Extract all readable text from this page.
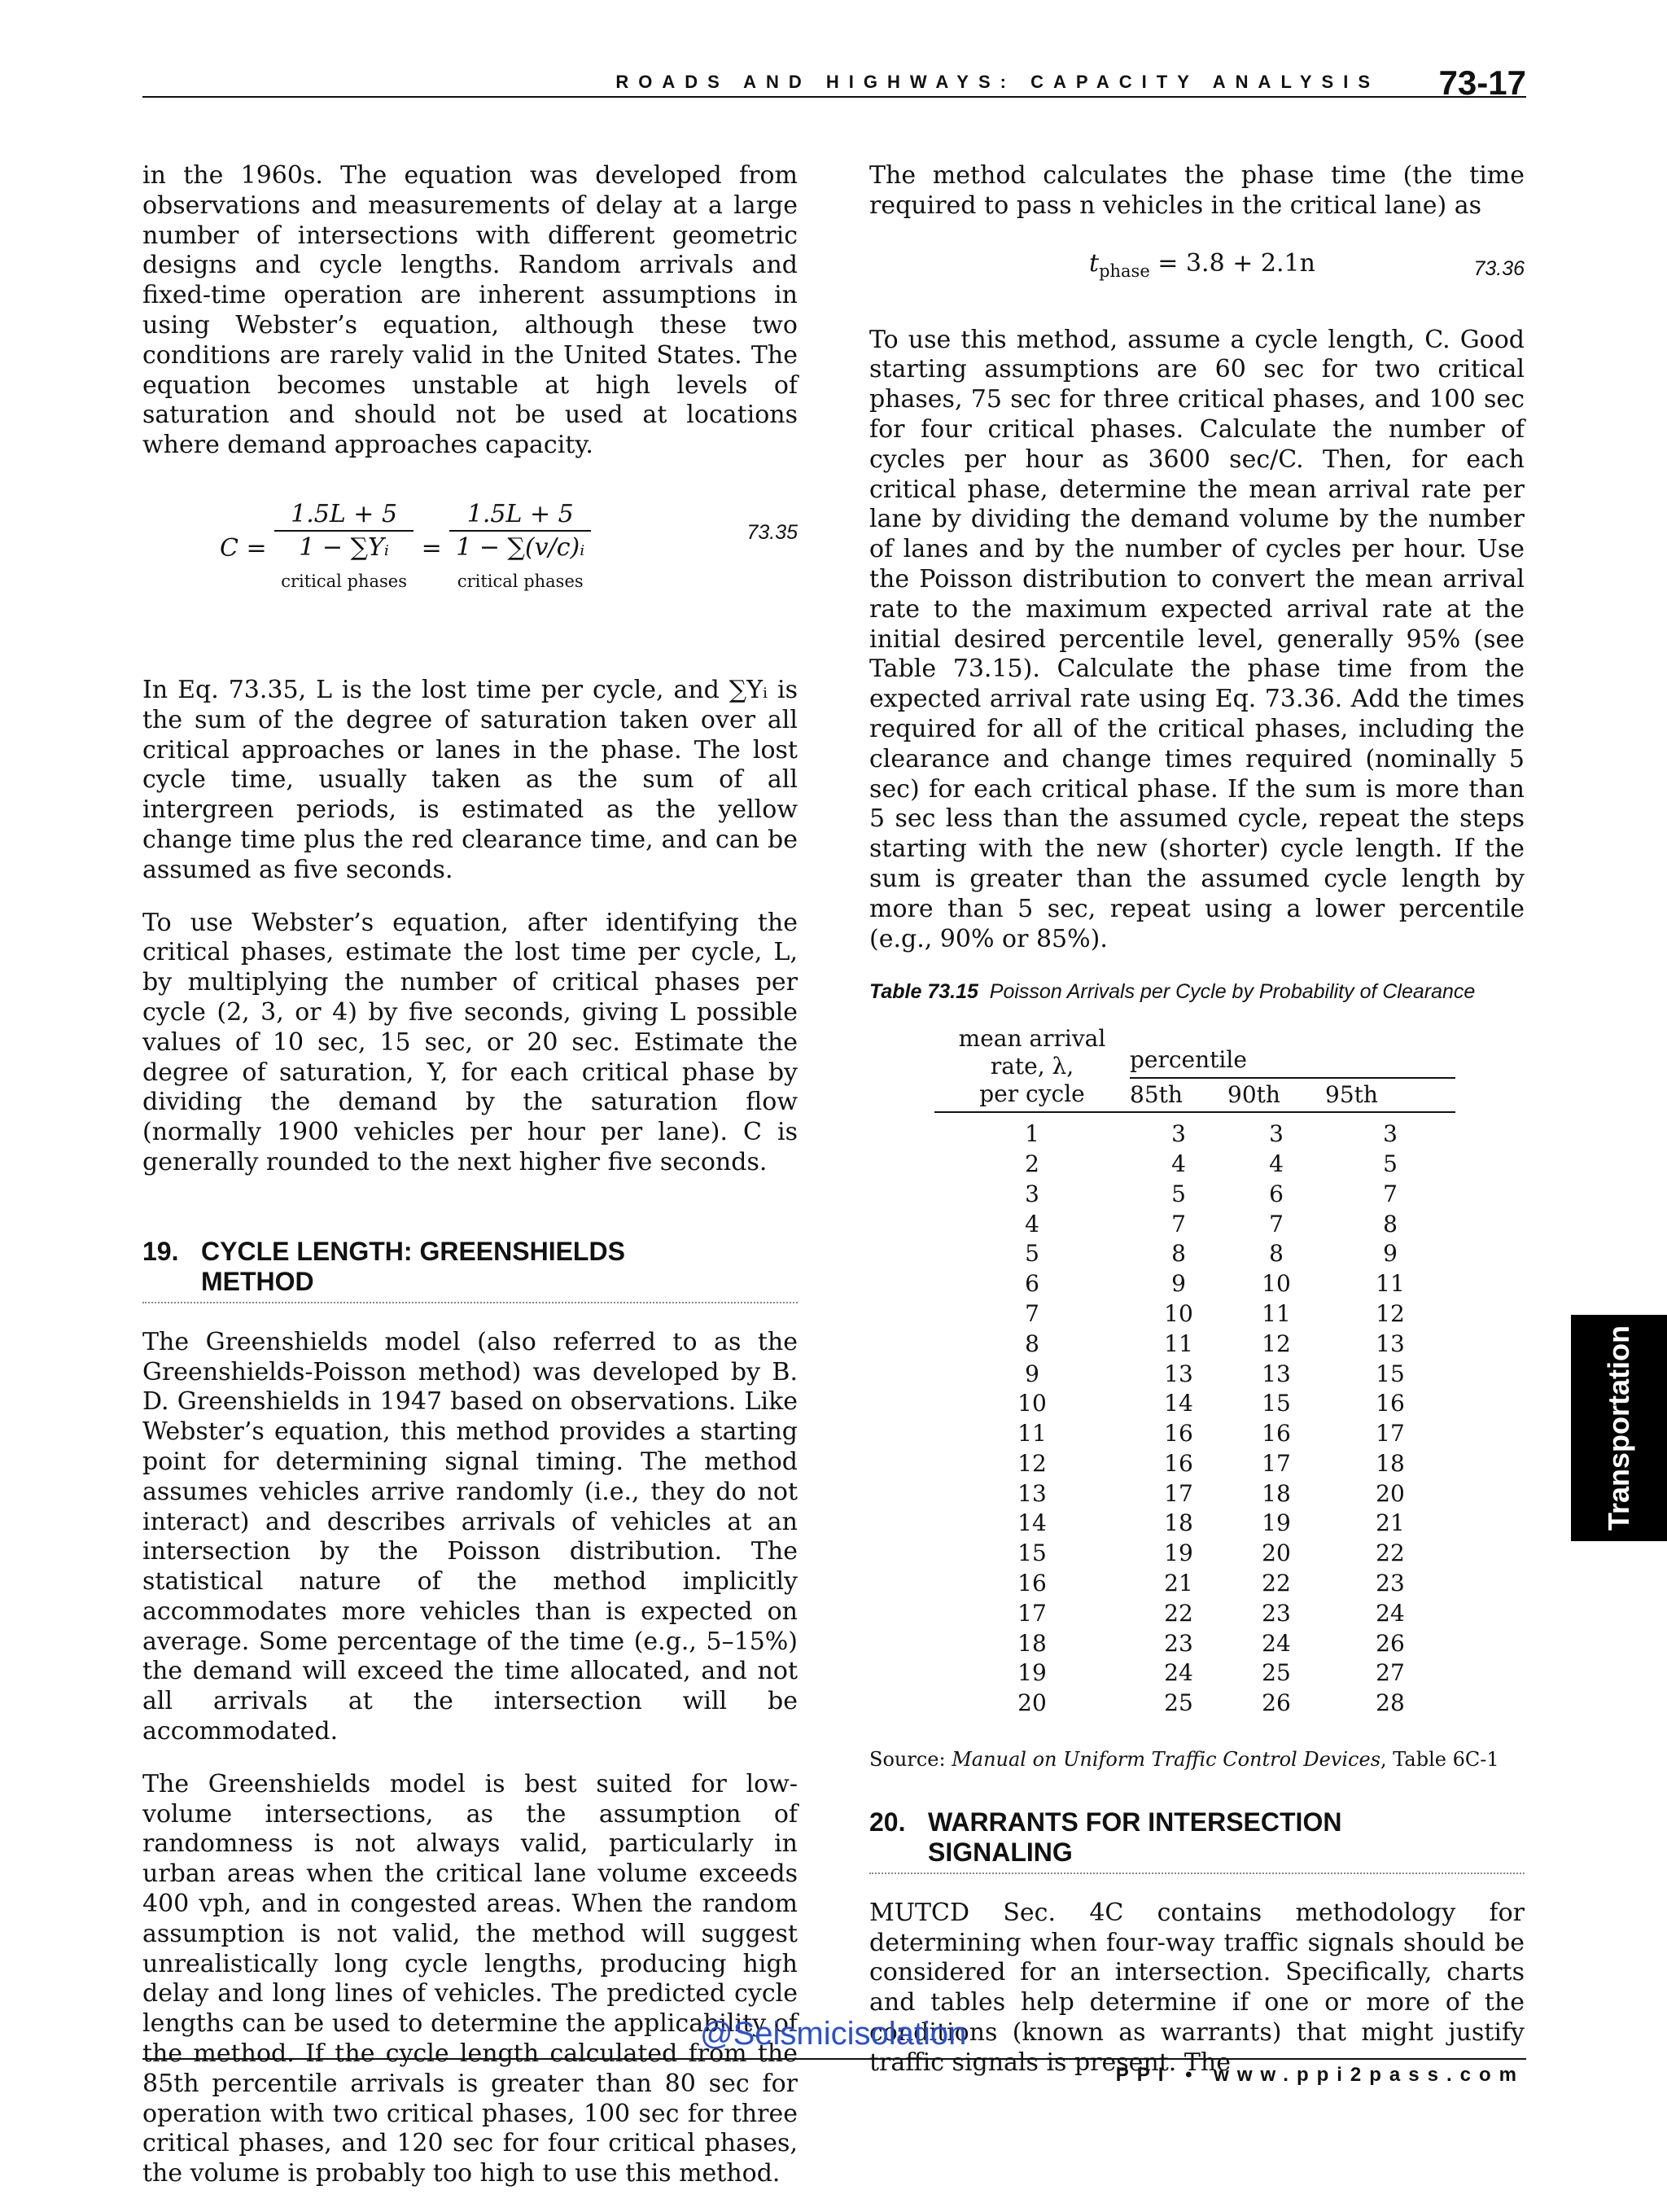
ROADS AND HIGHWAYS: CAPACITY ANALYSIS 73-17

in the 1960s. The equation was developed from observations and measurements of delay at a large number of intersections with different geometric designs and cycle lengths. Random arrivals and fixed-time operation are inherent assumptions in using Webster’s equation, although these two conditions are rarely valid in the United States. The equation becomes unstable at high levels of saturation and should not be used at locations where demand approaches capacity.

C =
1.5L + 5
1 − ∑Yᵢ
critical phases
=
1.5L + 5
1 − ∑(v/c)ᵢ
critical phases
73.35

In Eq. 73.35, L is the lost time per cycle, and ∑Yᵢ is the sum of the degree of saturation taken over all critical approaches or lanes in the phase. The lost cycle time, usually taken as the sum of all intergreen periods, is estimated as the yellow change time plus the red clearance time, and can be assumed as five seconds.

To use Webster’s equation, after identifying the critical phases, estimate the lost time per cycle, L, by multiplying the number of critical phases per cycle (2, 3, or 4) by five seconds, giving L possible values of 10 sec, 15 sec, or 20 sec. Estimate the degree of saturation, Y, for each critical phase by dividing the demand by the saturation flow (normally 1900 vehicles per hour per lane). C is generally rounded to the next higher five seconds.

19. CYCLE LENGTH: GREENSHIELDS
METHOD

The Greenshields model (also referred to as the Greenshields-Poisson method) was developed by B. D. Greenshields in 1947 based on observations. Like Webster’s equation, this method provides a starting point for determining signal timing. The method assumes vehicles arrive randomly (i.e., they do not interact) and describes arrivals of vehicles at an intersection by the Poisson distribution. The statistical nature of the method implicitly accommodates more vehicles than is expected on average. Some percentage of the time (e.g., 5–15%) the demand will exceed the time allocated, and not all arrivals at the intersection will be accommodated.

The Greenshields model is best suited for low-volume intersections, as the assumption of randomness is not always valid, particularly in urban areas when the critical lane volume exceeds 400 vph, and in congested areas. When the random assumption is not valid, the method will suggest unrealistically long cycle lengths, producing high delay and long lines of vehicles. The predicted cycle lengths can be used to determine the applicability of the method. If the cycle length calculated from the 85th percentile arrivals is greater than 80 sec for operation with two critical phases, 100 sec for three critical phases, and 120 sec for four critical phases, the volume is probably too high to use this method.

The method calculates the phase time (the time required to pass n vehicles in the critical lane) as

$t_{phase} = 3.8 + 2.1n$	73.36

To use this method, assume a cycle length, C. Good starting assumptions are 60 sec for two critical phases, 75 sec for three critical phases, and 100 sec for four critical phases. Calculate the number of cycles per hour as 3600 sec/C. Then, for each critical phase, determine the mean arrival rate per lane by dividing the demand volume by the number of lanes and by the number of cycles per hour. Use the Poisson distribution to convert the mean arrival rate to the maximum expected arrival rate at the initial desired percentile level, generally 95% (see Table 73.15). Calculate the phase time from the expected arrival rate using Eq. 73.36. Add the times required for all of the critical phases, including the clearance and change times required (nominally 5 sec) for each critical phase. If the sum is more than 5 sec less than the assumed cycle, repeat the steps starting with the new (shorter) cycle length. If the sum is greater than the assumed cycle length by more than 5 sec, repeat using a lower percentile (e.g., 90% or 85%).

Table 73.15 Poisson Arrivals per Cycle by Probability of Clearance
mean arrival
rate, λ,
per cycle	percentile		
	85th	90th	95th
1	3	3	3
2	4	4	5
3	5	6	7
4	7	7	8
5	8	8	9
6	9	10	11
7	10	11	12
8	11	12	13
9	13	13	15
10	14	15	16
11	16	16	17
12	16	17	18
13	17	18	20
14	18	19	21
15	19	20	22
16	21	22	23
17	22	23	24
18	23	24	26
19	24	25	27
20	25	26	28
Source: Manual on Uniform Traffic Control Devices, Table 6C-1
20. WARRANTS FOR INTERSECTION
SIGNALING

MUTCD Sec. 4C contains methodology for determining when four-way traffic signals should be considered for an intersection. Specifically, charts and tables help determine if one or more of the conditions (known as warrants) that might justify traffic signals is present. The

Transportation
@Seismicisolation
PPI • www.ppi2pass.com
